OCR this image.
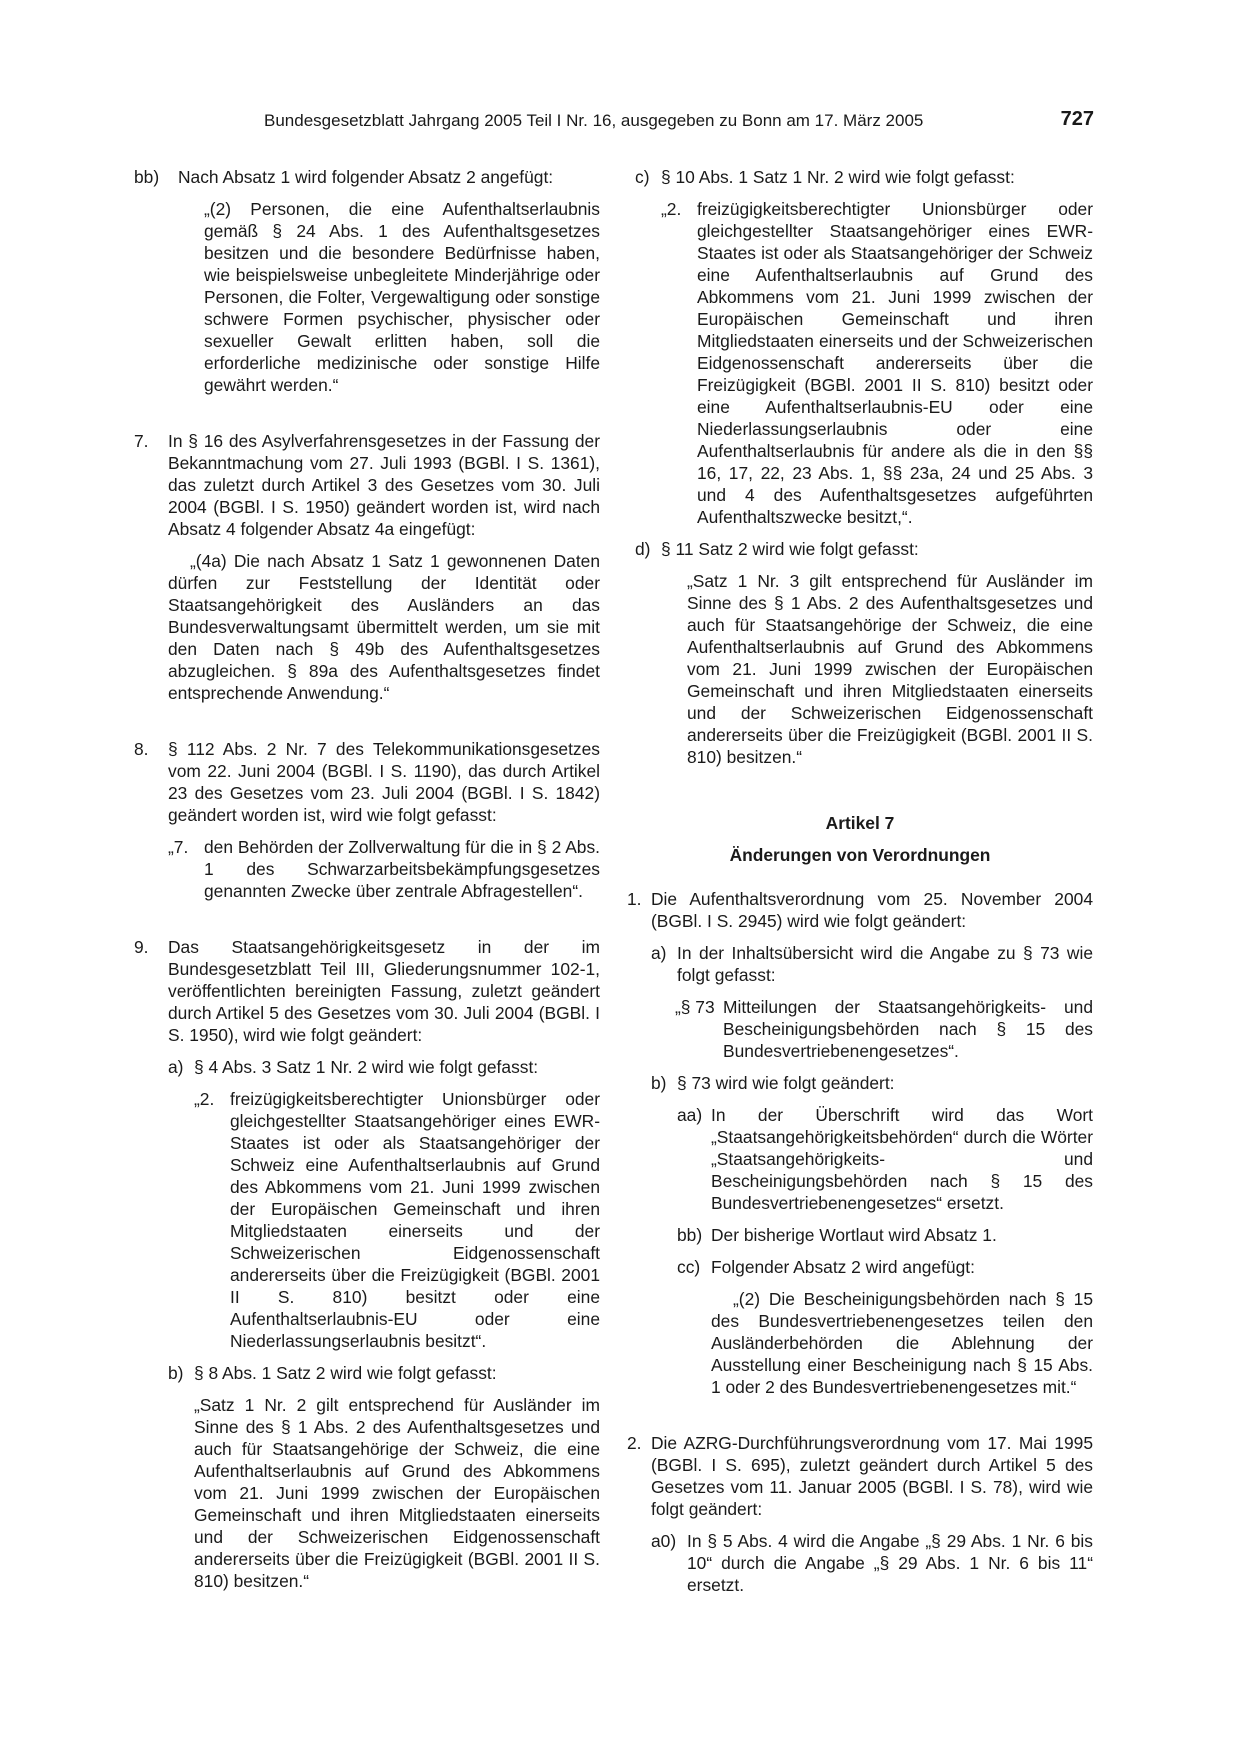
Bundesgesetzblatt Jahrgang 2005 Teil I Nr. 16, ausgegeben zu Bonn am 17. März 2005	727
bb) Nach Absatz 1 wird folgender Absatz 2 angefügt:

„(2) Personen, die eine Aufenthaltserlaubnis gemäß § 24 Abs. 1 des Aufenthaltsgesetzes besitzen und die besondere Bedürfnisse haben, wie beispielsweise unbegleitete Minderjährige oder Personen, die Folter, Vergewaltigung oder sonstige schwere Formen psychischer, physischer oder sexueller Gewalt erlitten haben, soll die erforderliche medizinische oder sonstige Hilfe gewährt werden.“

7. In § 16 des Asylverfahrensgesetzes in der Fassung der Bekanntmachung vom 27. Juli 1993 (BGBl. I S. 1361), das zuletzt durch Artikel 3 des Gesetzes vom 30. Juli 2004 (BGBl. I S. 1950) geändert worden ist, wird nach Absatz 4 folgender Absatz 4a eingefügt:

„(4a) Die nach Absatz 1 Satz 1 gewonnenen Daten dürfen zur Feststellung der Identität oder Staatsangehörigkeit des Ausländers an das Bundesverwaltungsamt übermittelt werden, um sie mit den Daten nach § 49b des Aufenthaltsgesetzes abzugleichen. § 89a des Aufenthaltsgesetzes findet entsprechende Anwendung.“

8. § 112 Abs. 2 Nr. 7 des Telekommunikationsgesetzes vom 22. Juni 2004 (BGBl. I S. 1190), das durch Artikel 23 des Gesetzes vom 23. Juli 2004 (BGBl. I S. 1842) geändert worden ist, wird wie folgt gefasst:

„7. den Behörden der Zollverwaltung für die in § 2 Abs. 1 des Schwarzarbeitsbekämpfungsgesetzes genannten Zwecke über zentrale Abfragestellen“.

9. Das Staatsangehörigkeitsgesetz in der im Bundesgesetzblatt Teil III, Gliederungsnummer 102-1, veröffentlichten bereinigten Fassung, zuletzt geändert durch Artikel 5 des Gesetzes vom 30. Juli 2004 (BGBl. I S. 1950), wird wie folgt geändert:

a) § 4 Abs. 3 Satz 1 Nr. 2 wird wie folgt gefasst:

„2. freizügigkeitsberechtigter Unionsbürger oder gleichgestellter Staatsangehöriger eines EWR-Staates ist oder als Staatsangehöriger der Schweiz eine Aufenthaltserlaubnis auf Grund des Abkommens vom 21. Juni 1999 zwischen der Europäischen Gemeinschaft und ihren Mitgliedstaaten einerseits und der Schweizerischen Eidgenossenschaft andererseits über die Freizügigkeit (BGBl. 2001 II S. 810) besitzt oder eine Aufenthaltserlaubnis-EU oder eine Niederlassungserlaubnis besitzt“.

b) § 8 Abs. 1 Satz 2 wird wie folgt gefasst:

„Satz 1 Nr. 2 gilt entsprechend für Ausländer im Sinne des § 1 Abs. 2 des Aufenthaltsgesetzes und auch für Staatsangehörige der Schweiz, die eine Aufenthaltserlaubnis auf Grund des Abkommens vom 21. Juni 1999 zwischen der Europäischen Gemeinschaft und ihren Mitgliedstaaten einerseits und der Schweizerischen Eidgenossenschaft andererseits über die Freizügigkeit (BGBl. 2001 II S. 810) besitzen.“

c) § 10 Abs. 1 Satz 1 Nr. 2 wird wie folgt gefasst:

„2. freizügigkeitsberechtigter Unionsbürger oder gleichgestellter Staatsangehöriger eines EWR-Staates ist oder als Staatsangehöriger der Schweiz eine Aufenthaltserlaubnis auf Grund des Abkommens vom 21. Juni 1999 zwischen der Europäischen Gemeinschaft und ihren Mitgliedstaaten einerseits und der Schweizerischen Eidgenossenschaft andererseits über die Freizügigkeit (BGBl. 2001 II S. 810) besitzt oder eine Aufenthaltserlaubnis-EU oder eine Niederlassungserlaubnis oder eine Aufenthaltserlaubnis für andere als die in den §§ 16, 17, 22, 23 Abs. 1, §§ 23a, 24 und 25 Abs. 3 und 4 des Aufenthaltsgesetzes aufgeführten Aufenthaltszwecke besitzt,“.

d) § 11 Satz 2 wird wie folgt gefasst:

„Satz 1 Nr. 3 gilt entsprechend für Ausländer im Sinne des § 1 Abs. 2 des Aufenthaltsgesetzes und auch für Staatsangehörige der Schweiz, die eine Aufenthaltserlaubnis auf Grund des Abkommens vom 21. Juni 1999 zwischen der Europäischen Gemeinschaft und ihren Mitgliedstaaten einerseits und der Schweizerischen Eidgenossenschaft andererseits über die Freizügigkeit (BGBl. 2001 II S. 810) besitzen.“

Artikel 7

Änderungen von Verordnungen

1. Die Aufenthaltsverordnung vom 25. November 2004 (BGBl. I S. 2945) wird wie folgt geändert:

a) In der Inhaltsübersicht wird die Angabe zu § 73 wie folgt gefasst:

„§ 73 Mitteilungen der Staatsangehörigkeits- und Bescheinigungsbehörden nach § 15 des Bundesvertriebenengesetzes“.

b) § 73 wird wie folgt geändert:

aa) In der Überschrift wird das Wort „Staatsangehörigkeitsbehörden“ durch die Wörter „Staatsangehörigkeits- und Bescheinigungsbehörden nach § 15 des Bundesvertriebenengesetzes“ ersetzt.

bb) Der bisherige Wortlaut wird Absatz 1.

cc) Folgender Absatz 2 wird angefügt:

„(2) Die Bescheinigungsbehörden nach § 15 des Bundesvertriebenengesetzes teilen den Ausländerbehörden die Ablehnung der Ausstellung einer Bescheinigung nach § 15 Abs. 1 oder 2 des Bundesvertriebenengesetzes mit.“

2. Die AZRG-Durchführungsverordnung vom 17. Mai 1995 (BGBl. I S. 695), zuletzt geändert durch Artikel 5 des Gesetzes vom 11. Januar 2005 (BGBl. I S. 78), wird wie folgt geändert:

a0) In § 5 Abs. 4 wird die Angabe „§ 29 Abs. 1 Nr. 6 bis 10“ durch die Angabe „§ 29 Abs. 1 Nr. 6 bis 11“ ersetzt.
